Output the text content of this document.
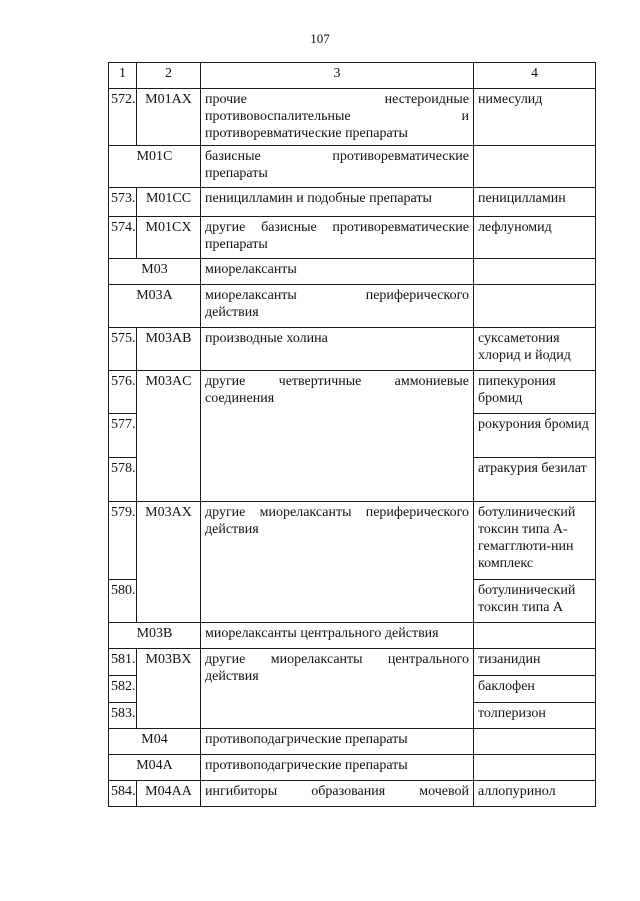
107
1	2	3	4
572.	M01AX	прочие нестероидные
противовоспалительные и
противоревматические препараты	нимесулид
M01C		базисные противоревматические
препараты	

573.	M01CC	пеницилламин и подобные препараты	пеницилламин
574.	M01CX	другие базисные противоревматические
препараты	лефлуномид
M03		миорелаксанты	

M03A		миорелаксанты периферического
действия	

575.	M03AB	производные холина	суксаметония хлорид и йодид
576.	M03AC	другие четвертичные аммониевые
соединения	пипекурония бромид
577.			рокурония бромид
578.			атракурия безилат
579.	M03AX	другие миорелаксанты периферического
действия	ботулинический токсин типа A-гемагглюти-нин комплекс
580.			ботулинический токсин типа A
M03B		миорелаксанты центрального действия	

581.	M03BX	другие миорелаксанты центрального
действия	тизанидин
582.			баклофен
583.			толперизон
M04		противоподагрические препараты	

M04A		противоподагрические препараты	

584.	M04AA	ингибиторы образования мочевой	аллопуринол
